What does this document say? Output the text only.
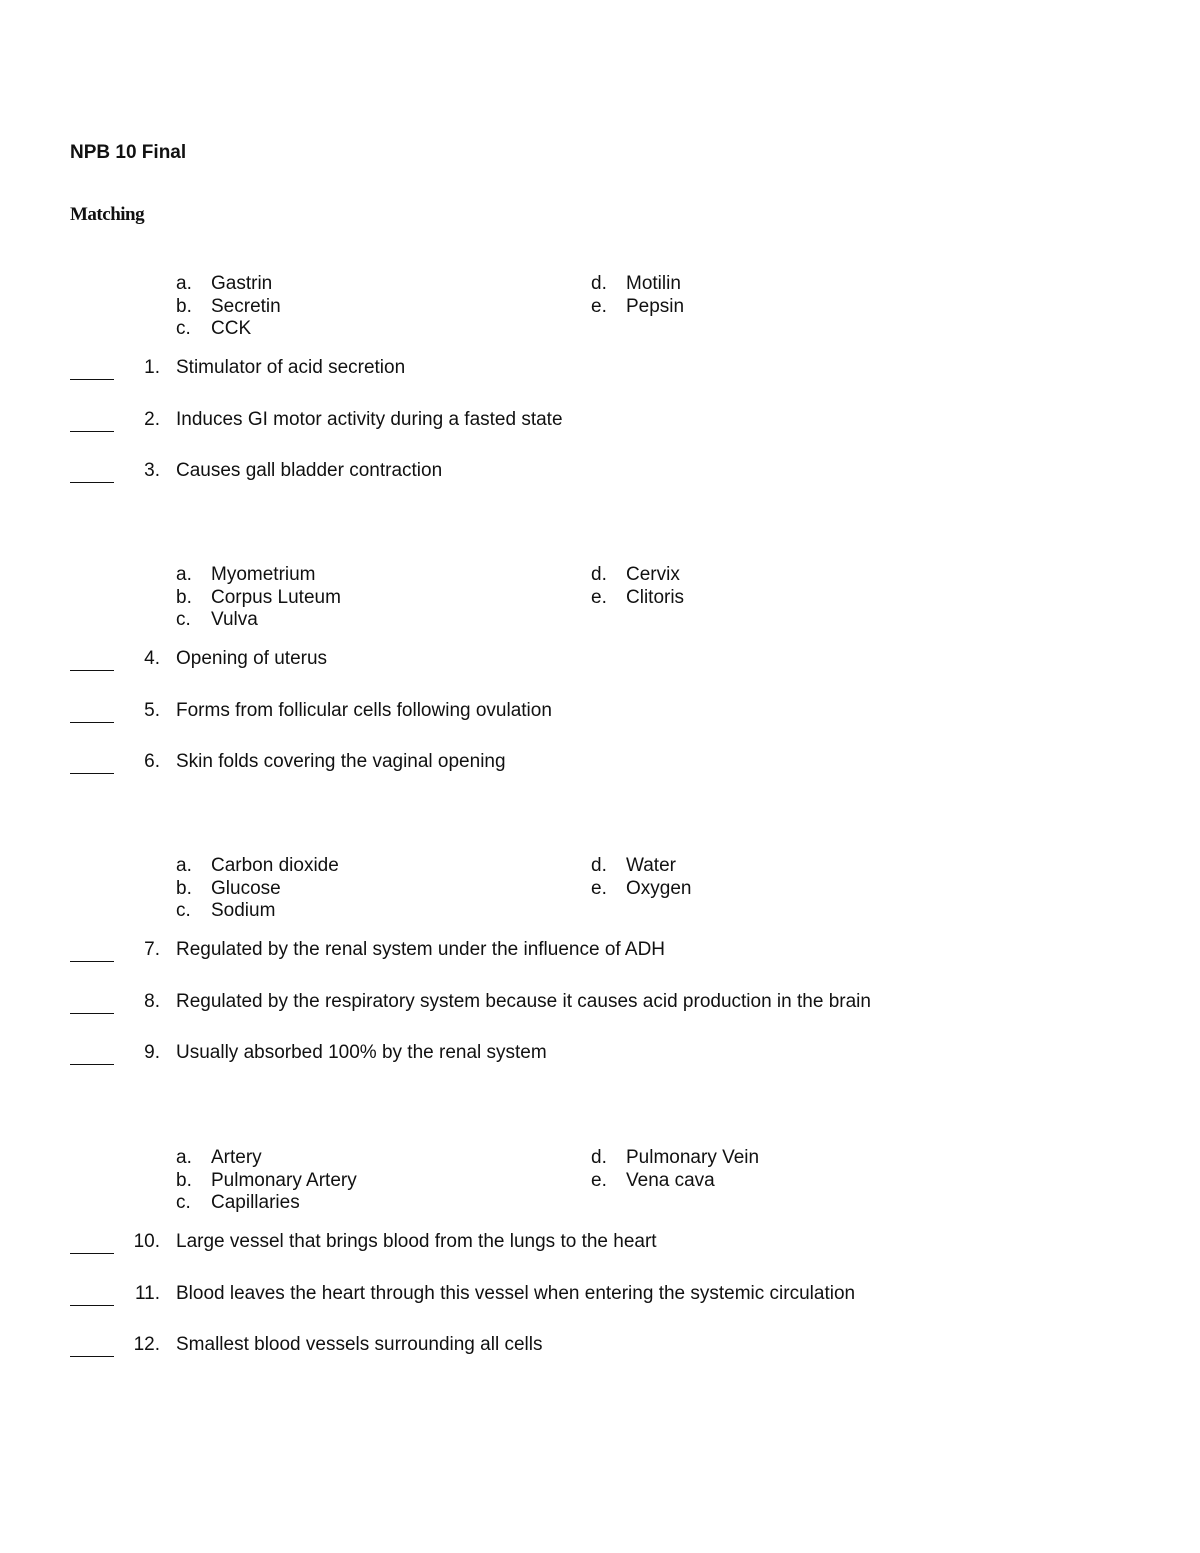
NPB 10 Final
Matching
a.	Gastrin
b.	Secretin
c.	CCK
d.	Motilin
e.	Pepsin
1. Stimulator of acid secretion
2. Induces GI motor activity during a fasted state
3. Causes gall bladder contraction
a.	Myometrium
b.	Corpus Luteum
c.	Vulva
d.	Cervix
e.	Clitoris
4. Opening of uterus
5. Forms from follicular cells following ovulation
6. Skin folds covering the vaginal opening
a.	Carbon dioxide
b.	Glucose
c.	Sodium
d.	Water
e.	Oxygen
7. Regulated by the renal system under the influence of ADH
8. Regulated by the respiratory system because it causes acid production in the brain
9. Usually absorbed 100% by the renal system
a.	Artery
b.	Pulmonary Artery
c.	Capillaries
d.	Pulmonary Vein
e.	Vena cava
10. Large vessel that brings blood from the lungs to the heart
11. Blood leaves the heart through this vessel when entering the systemic circulation
12. Smallest blood vessels surrounding all cells
